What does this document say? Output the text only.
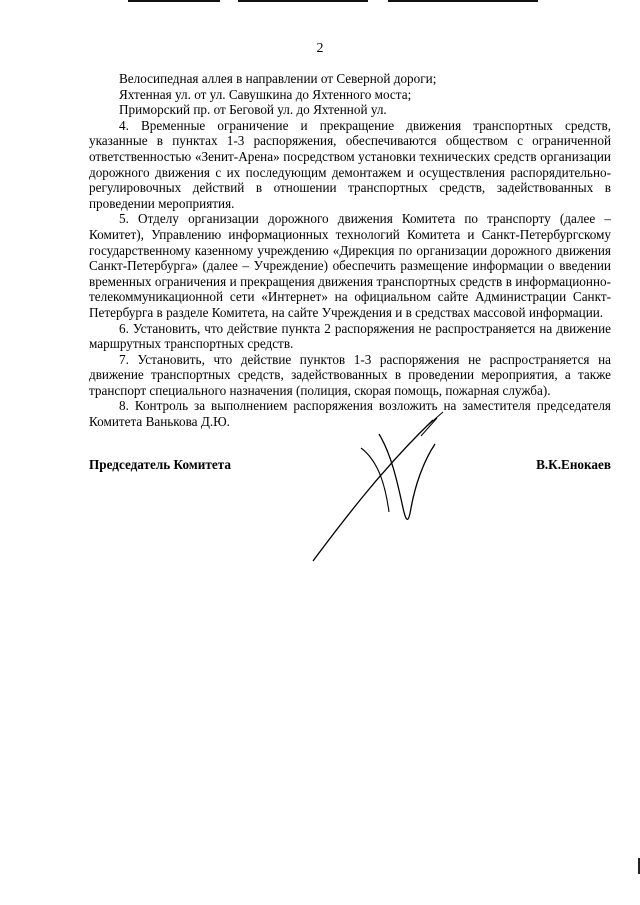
2
Велосипедная аллея в направлении от Северной дороги;
Яхтенная ул. от ул. Савушкина до Яхтенного моста;
Приморский пр. от Беговой ул. до Яхтенной ул.

4. Временные ограничение и прекращение движения транспортных средств, указанные в пунктах 1-3 распоряжения, обеспечиваются обществом с ограниченной ответственностью «Зенит-Арена» посредством установки технических средств организации дорожного движения с их последующим демонтажем и осуществления распорядительно-регулировочных действий в отношении транспортных средств, задействованных в проведении мероприятия.

5. Отделу организации дорожного движения Комитета по транспорту (далее – Комитет), Управлению информационных технологий Комитета и Санкт-Петербургскому государственному казенному учреждению «Дирекция по организации дорожного движения Санкт-Петербурга» (далее – Учреждение) обеспечить размещение информации о введении временных ограничения и прекращения движения транспортных средств в информационно-телекоммуникационной сети «Интернет» на официальном сайте Администрации Санкт-Петербурга в разделе Комитета, на сайте Учреждения и в средствах массовой информации.

6. Установить, что действие пункта 2 распоряжения не распространяется на движение маршрутных транспортных средств.

7. Установить, что действие пунктов 1-3 распоряжения не распространяется на движение транспортных средств, задействованных в проведении мероприятия, а также транспорт специального назначения (полиция, скорая помощь, пожарная служба).

8. Контроль за выполнением распоряжения возложить на заместителя председателя Комитета Ванькова Д.Ю.

Председатель Комитета	В.К.Енокаев
